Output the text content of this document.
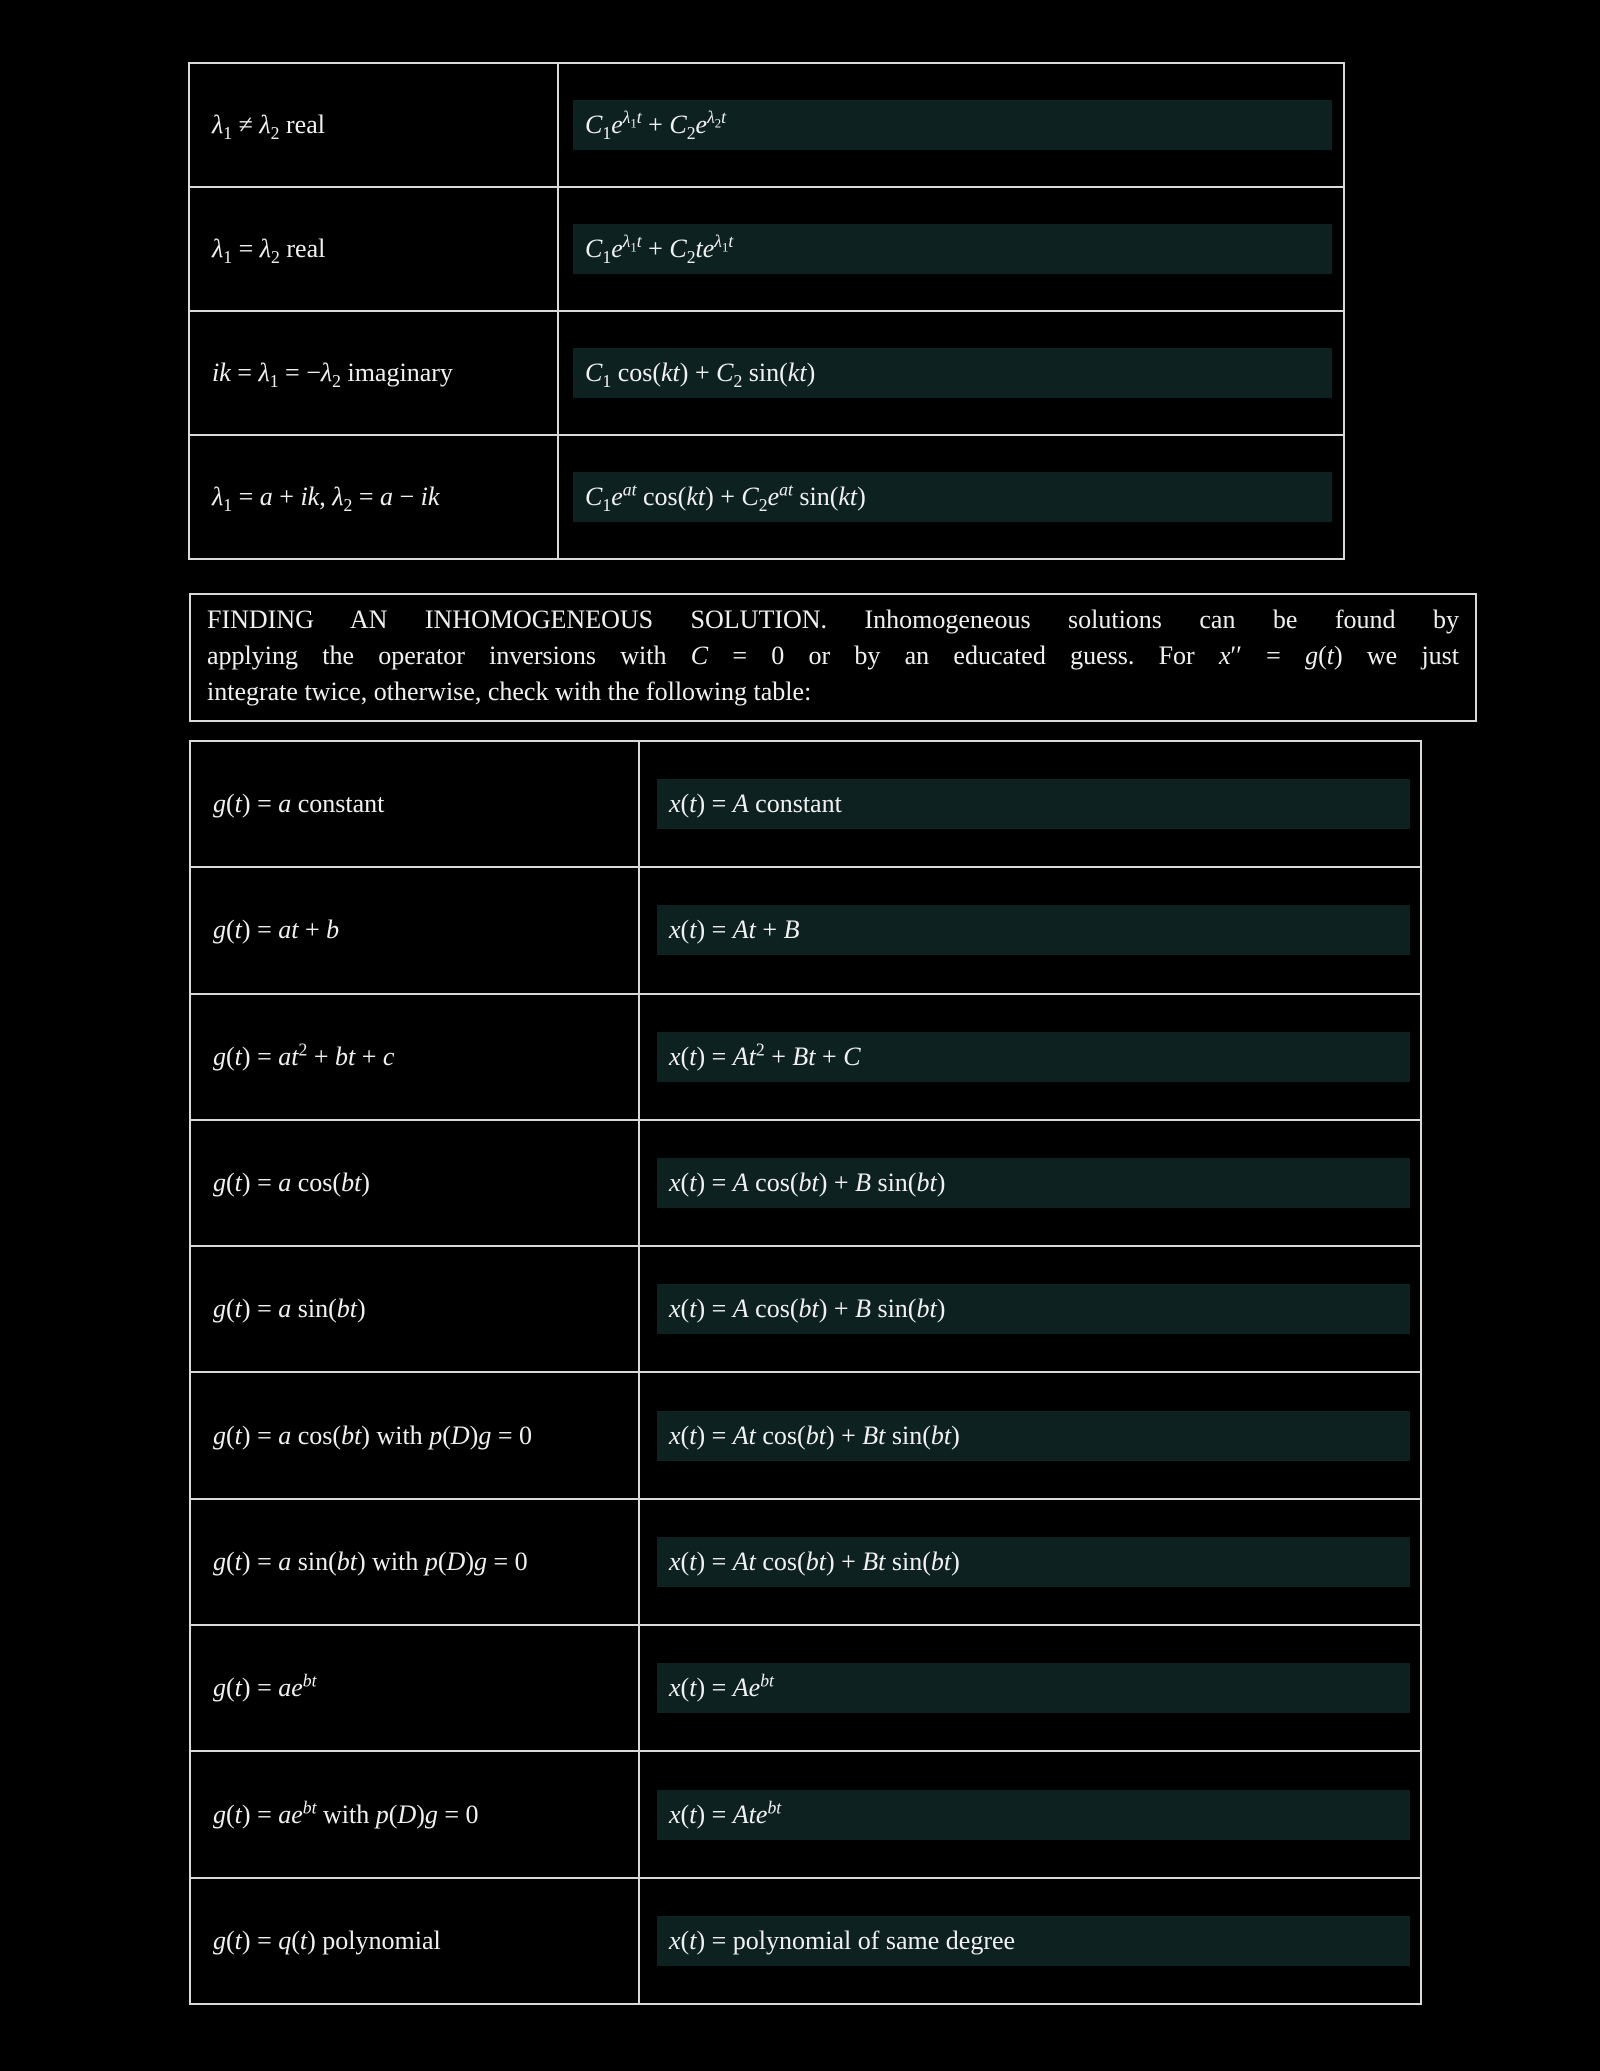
$\lambda_1 \ne \lambda_2$ real	$C_1e^{\lambda_1t} + C_2e^{\lambda_2t}$
$\lambda_1 = \lambda_2$ real	$C_1e^{\lambda_1t} + C_2te^{\lambda_1t}$
ik = $\lambda_1 = -\lambda_2$ imaginary	$C_1$ $\cos(kt) + C_2$ sin(kt)
$\lambda_1 = a$ + ik, $\lambda_2 = a$ − ik	$C_1e^{at}$ $\cos(kt) + C_2e^{at}$ sin(kt)

FINDING AN INHOMOGENEOUS SOLUTION. Inhomogeneous solutions can be found by

applying the operator inversions with C = 0 or by an educated guess. For x′′ = g(t) we just

integrate twice, otherwise, check with the following table:

g(t) = a constant	x(t) = A constant
g(t) = at + b	x(t) = At + B
$g(t) = at^2$ + bt + c	$x(t) = At^2 + Bt + C$
g(t) = a cos(bt)	x(t) = A cos(bt) + B sin(bt)
g(t) = a sin(bt)	x(t) = A cos(bt) + B sin(bt)
g(t) = a cos(bt) with p(D)g = 0	x(t) = At cos(bt) + Bt sin(bt)
g(t) = a sin(bt) with p(D)g = 0	x(t) = At cos(bt) + Bt sin(bt)
$g(t) = ae^{bt}$	$x(t) = Ae^{bt}$
$g(t) = ae^{bt}$ with p(D)g = 0	x(t) = Ate$^{bt}$
g(t) = q(t) polynomial	x(t) = polynomial of same degree
